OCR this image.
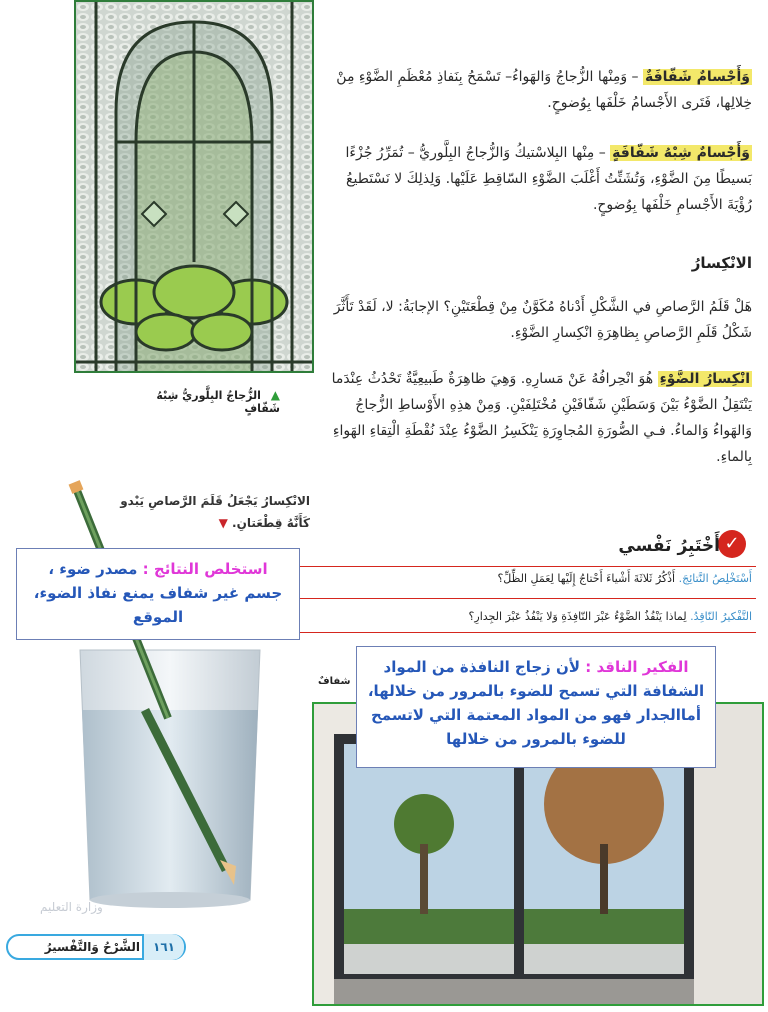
▲ الزُّجاجُ البِلَّوريُّ شِبْهُ شَفّافٍ
وَأَجْسامٌ شَفّافَةٌ – وَمِنْها الزُّجاجُ وَالهَواءُ– تَسْمَحُ بِنَفاذِ مُعْظَمِ الضَّوْءِ مِنْ خِلالِها، فَتَرى الأَجْسامُ خَلْفَها بِوُضوحٍ.
وَأَجْسامٌ شِبْهُ شَفّافَةٍ – مِنْها البِلاسْتيكُ وَالزُّجاجُ البِلَّوريُّ – تُمَرِّرُ جُزْءًا بَسيطًا مِنَ الضَّوْءِ، وَتُشَتِّتُ أَغْلَبَ الضَّوْءِ السّاقِطِ عَلَيْها. وَلِذلِكَ لا نَسْتَطيعُ رُؤْيَةَ الأَجْسامِ خَلْفَها بِوُضوحٍ.
الانْكِسارُ
هَلْ قَلَمُ الرَّصاصِ في الشَّكْلِ أَدْناهُ مُكَوَّنٌ مِنْ قِطْعَتَيْنِ؟ الإجابَةُ: لا، لَقَدْ تَأَثَّرَ شَكْلُ قَلَمِ الرَّصاصِ بِظاهِرَةِ انْكِسارِ الضَّوْءِ.
انْكِسارُ الضَّوْءِ هُوَ انْحِرافُهُ عَنْ مَسارِهِ. وَهِيَ ظاهِرَةٌ طَبيعِيَّةٌ تَحْدُثُ عِنْدَما يَنْتَقِلُ الضَّوْءُ بَيْنَ وَسَطَيْنِ شَفّافَيْنِ مُخْتَلِفَيْنِ. وَمِنْ هذِهِ الأَوْساطِ الزُّجاجُ وَالهَواءُ وَالماءُ. فـي الصُّورَةِ المُجاوِرَةِ يَنْكَسِرُ الضَّوْءُ عِنْدَ نُقْطَةِ الْتِقاءِ الهَواءِ بِالماءِ.
الانْكِسارُ يَجْعَلُ قَلَمَ الرَّصاصِ يَبْدو كَأَنَّهُ قِطْعَتانِ. ▼
✓
أَخْتَبِرُ نَفْسي
أَسْتَخْلِصُ النَّتائِجَ. أَذْكُرُ ثَلاثَةَ أَشْياءَ أَحْتاجُ إِلَيْها لِعَمَلِ الظِّلِّ؟
التَّفْكيرُ النّاقِدُ. لِماذا يَنْفُذُ الضَّوْءُ عَبْرَ النّافِذَةِ وَلا يَنْفُذُ عَبْرَ الجِدارِ؟
شفافٌ
استخلص النتائج : مصدر ضوء ، جسم غير شفاف يمنع نفاذ الضوء، الموقع
الفكير الناقد : لأن زجاج النافذة من المواد الشفافة التي تسمح للضوء بالمرور من خلالها، أماالجدار فهو من المواد المعتمة التي لاتسمح للضوء بالمرور من خلالها
وزارة التعليم
الشَّرْحُ وَالتَّفْسيرُ	١٦١
